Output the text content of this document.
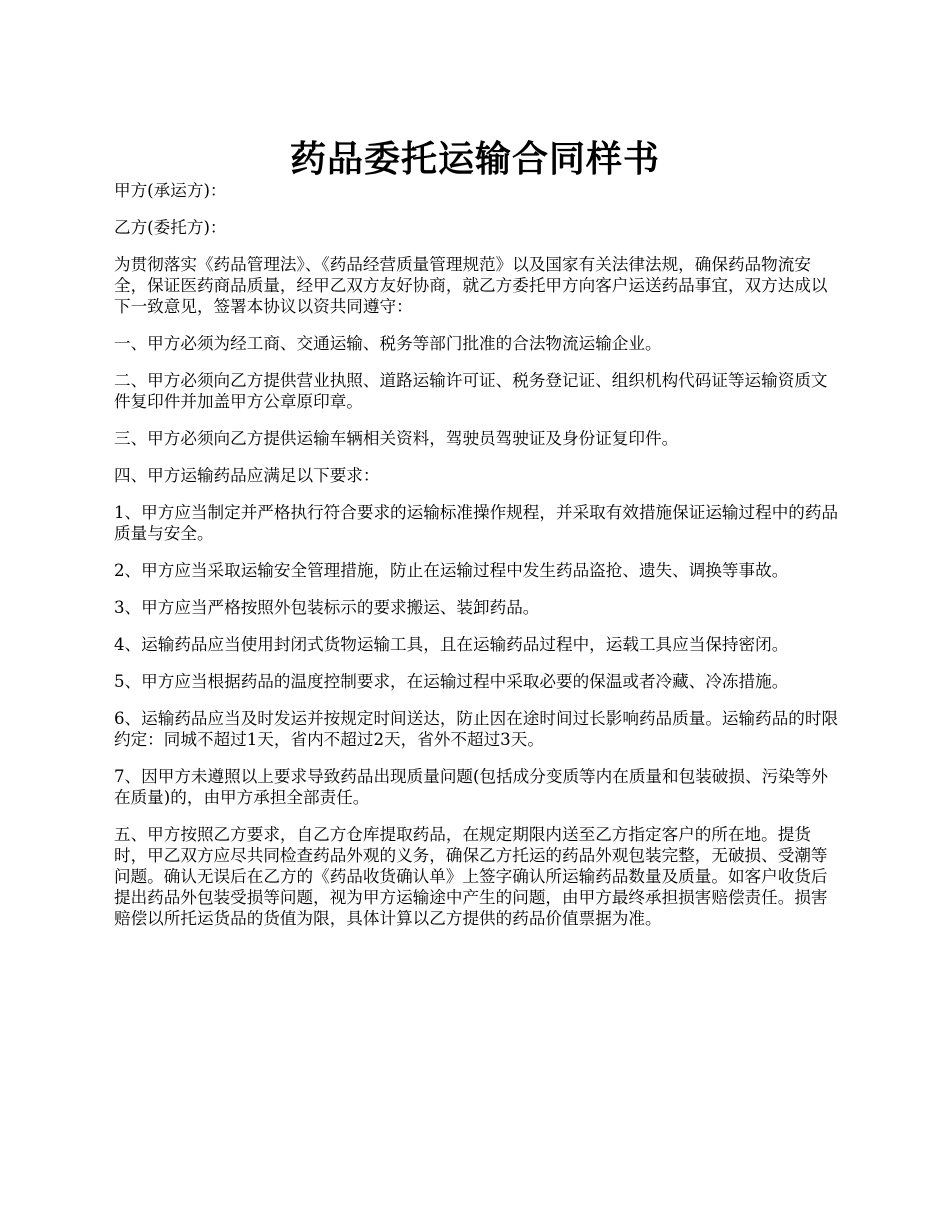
药品委托运输合同样书

甲方(承运方)：

乙方(委托方)：

为贯彻落实《药品管理法》、《药品经营质量管理规范》以及国家有关法律法规，确保药品物流安全，保证医药商品质量，经甲乙双方友好协商，就乙方委托甲方向客户运送药品事宜，双方达成以下一致意见，签署本协议以资共同遵守：

一、甲方必须为经工商、交通运输、税务等部门批准的合法物流运输企业。

二、甲方必须向乙方提供营业执照、道路运输许可证、税务登记证、组织机构代码证等运输资质文件复印件并加盖甲方公章原印章。

三、甲方必须向乙方提供运输车辆相关资料，驾驶员驾驶证及身份证复印件。

四、甲方运输药品应满足以下要求：

1、甲方应当制定并严格执行符合要求的运输标准操作规程，并采取有效措施保证运输过程中的药品质量与安全。

2、甲方应当采取运输安全管理措施，防止在运输过程中发生药品盗抢、遗失、调换等事故。

3、甲方应当严格按照外包装标示的要求搬运、装卸药品。

4、运输药品应当使用封闭式货物运输工具，且在运输药品过程中，运载工具应当保持密闭。

5、甲方应当根据药品的温度控制要求，在运输过程中采取必要的保温或者冷藏、冷冻措施。

6、运输药品应当及时发运并按规定时间送达，防止因在途时间过长影响药品质量。运输药品的时限约定：同城不超过1天，省内不超过2天，省外不超过3天。

7、因甲方未遵照以上要求导致药品出现质量问题(包括成分变质等内在质量和包装破损、污染等外在质量)的，由甲方承担全部责任。

五、甲方按照乙方要求，自乙方仓库提取药品，在规定期限内送至乙方指定客户的所在地。提货时，甲乙双方应尽共同检查药品外观的义务，确保乙方托运的药品外观包装完整，无破损、受潮等问题。确认无误后在乙方的《药品收货确认单》上签字确认所运输药品数量及质量。如客户收货后提出药品外包装受损等问题，视为甲方运输途中产生的问题，由甲方最终承担损害赔偿责任。损害赔偿以所托运货品的货值为限，具体计算以乙方提供的药品价值票据为准。
